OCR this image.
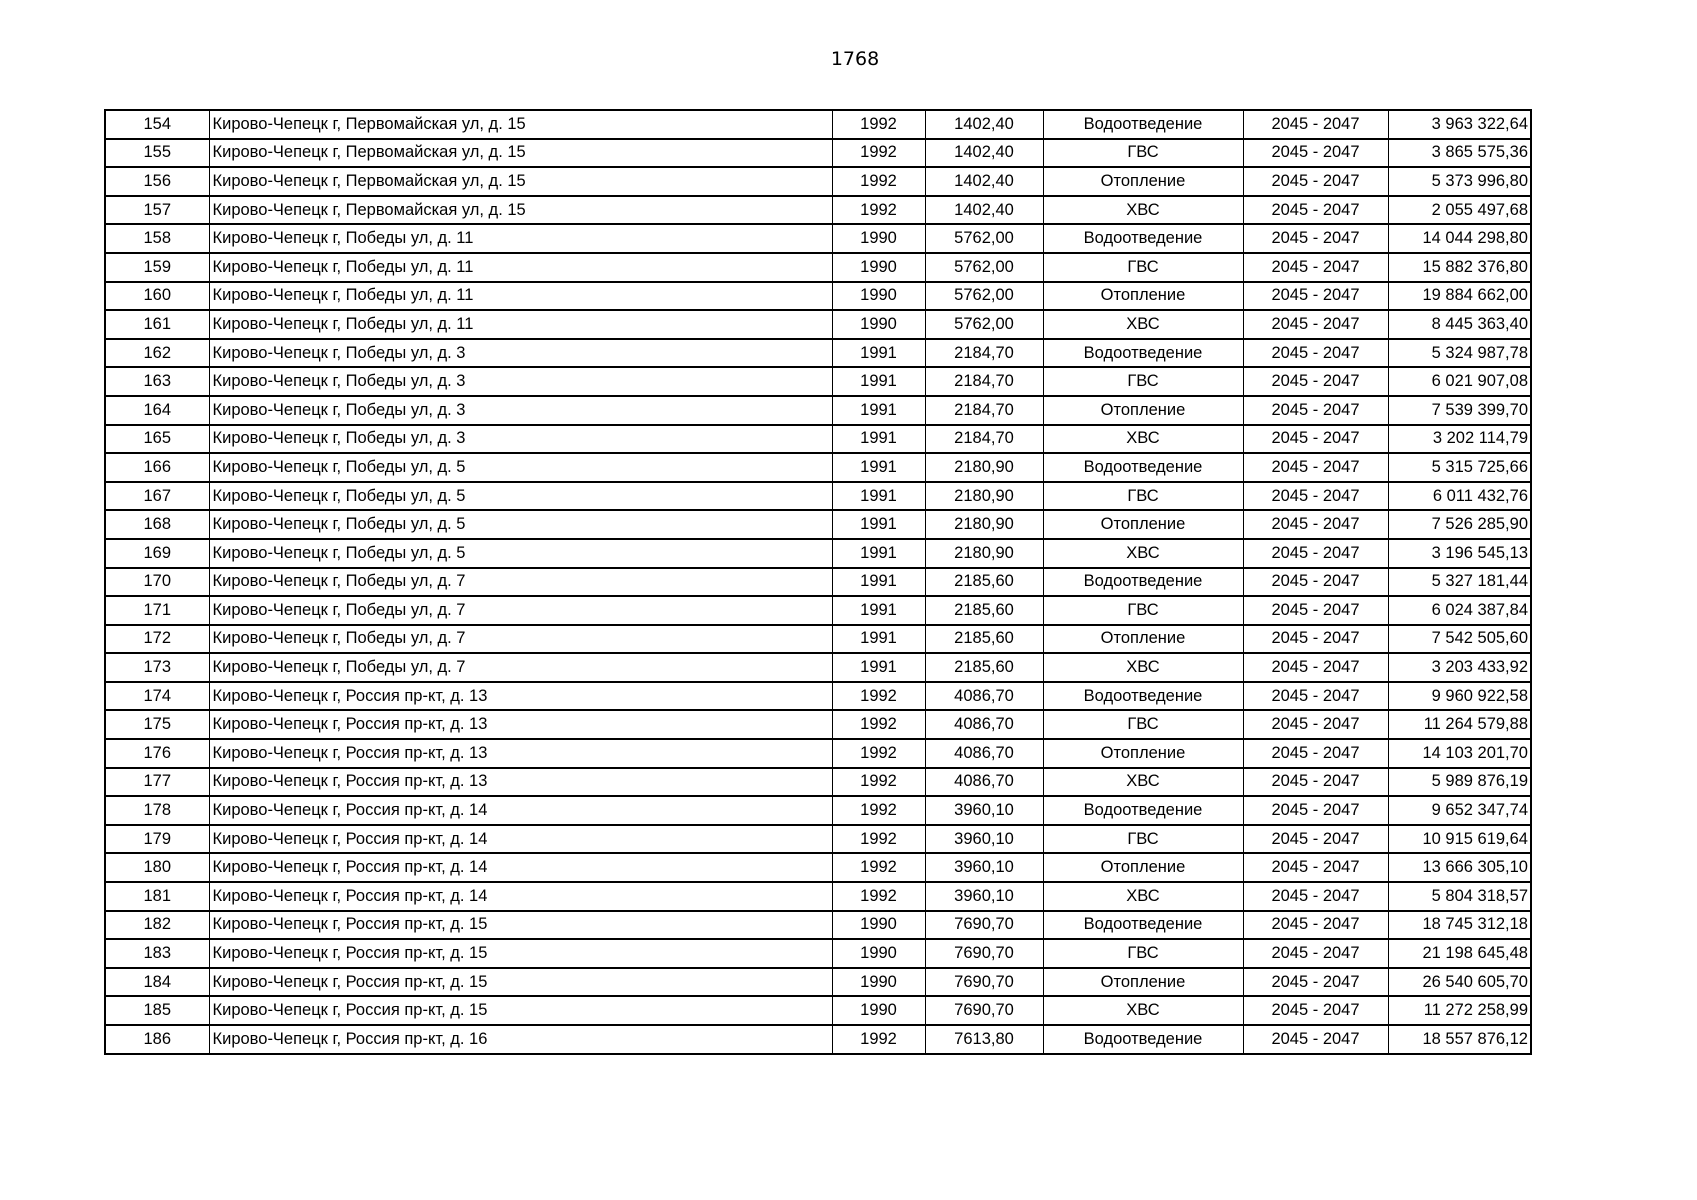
1768
154	Кирово-Чепецк г, Первомайская ул, д. 15	1992	1402,40	Водоотведение	2045 - 2047	3 963 322,64
155	Кирово-Чепецк г, Первомайская ул, д. 15	1992	1402,40	ГВС	2045 - 2047	3 865 575,36
156	Кирово-Чепецк г, Первомайская ул, д. 15	1992	1402,40	Отопление	2045 - 2047	5 373 996,80
157	Кирово-Чепецк г, Первомайская ул, д. 15	1992	1402,40	ХВС	2045 - 2047	2 055 497,68
158	Кирово-Чепецк г, Победы ул, д. 11	1990	5762,00	Водоотведение	2045 - 2047	14 044 298,80
159	Кирово-Чепецк г, Победы ул, д. 11	1990	5762,00	ГВС	2045 - 2047	15 882 376,80
160	Кирово-Чепецк г, Победы ул, д. 11	1990	5762,00	Отопление	2045 - 2047	19 884 662,00
161	Кирово-Чепецк г, Победы ул, д. 11	1990	5762,00	ХВС	2045 - 2047	8 445 363,40
162	Кирово-Чепецк г, Победы ул, д. 3	1991	2184,70	Водоотведение	2045 - 2047	5 324 987,78
163	Кирово-Чепецк г, Победы ул, д. 3	1991	2184,70	ГВС	2045 - 2047	6 021 907,08
164	Кирово-Чепецк г, Победы ул, д. 3	1991	2184,70	Отопление	2045 - 2047	7 539 399,70
165	Кирово-Чепецк г, Победы ул, д. 3	1991	2184,70	ХВС	2045 - 2047	3 202 114,79
166	Кирово-Чепецк г, Победы ул, д. 5	1991	2180,90	Водоотведение	2045 - 2047	5 315 725,66
167	Кирово-Чепецк г, Победы ул, д. 5	1991	2180,90	ГВС	2045 - 2047	6 011 432,76
168	Кирово-Чепецк г, Победы ул, д. 5	1991	2180,90	Отопление	2045 - 2047	7 526 285,90
169	Кирово-Чепецк г, Победы ул, д. 5	1991	2180,90	ХВС	2045 - 2047	3 196 545,13
170	Кирово-Чепецк г, Победы ул, д. 7	1991	2185,60	Водоотведение	2045 - 2047	5 327 181,44
171	Кирово-Чепецк г, Победы ул, д. 7	1991	2185,60	ГВС	2045 - 2047	6 024 387,84
172	Кирово-Чепецк г, Победы ул, д. 7	1991	2185,60	Отопление	2045 - 2047	7 542 505,60
173	Кирово-Чепецк г, Победы ул, д. 7	1991	2185,60	ХВС	2045 - 2047	3 203 433,92
174	Кирово-Чепецк г, Россия пр-кт, д. 13	1992	4086,70	Водоотведение	2045 - 2047	9 960 922,58
175	Кирово-Чепецк г, Россия пр-кт, д. 13	1992	4086,70	ГВС	2045 - 2047	11 264 579,88
176	Кирово-Чепецк г, Россия пр-кт, д. 13	1992	4086,70	Отопление	2045 - 2047	14 103 201,70
177	Кирово-Чепецк г, Россия пр-кт, д. 13	1992	4086,70	ХВС	2045 - 2047	5 989 876,19
178	Кирово-Чепецк г, Россия пр-кт, д. 14	1992	3960,10	Водоотведение	2045 - 2047	9 652 347,74
179	Кирово-Чепецк г, Россия пр-кт, д. 14	1992	3960,10	ГВС	2045 - 2047	10 915 619,64
180	Кирово-Чепецк г, Россия пр-кт, д. 14	1992	3960,10	Отопление	2045 - 2047	13 666 305,10
181	Кирово-Чепецк г, Россия пр-кт, д. 14	1992	3960,10	ХВС	2045 - 2047	5 804 318,57
182	Кирово-Чепецк г, Россия пр-кт, д. 15	1990	7690,70	Водоотведение	2045 - 2047	18 745 312,18
183	Кирово-Чепецк г, Россия пр-кт, д. 15	1990	7690,70	ГВС	2045 - 2047	21 198 645,48
184	Кирово-Чепецк г, Россия пр-кт, д. 15	1990	7690,70	Отопление	2045 - 2047	26 540 605,70
185	Кирово-Чепецк г, Россия пр-кт, д. 15	1990	7690,70	ХВС	2045 - 2047	11 272 258,99
186	Кирово-Чепецк г, Россия пр-кт, д. 16	1992	7613,80	Водоотведение	2045 - 2047	18 557 876,12
